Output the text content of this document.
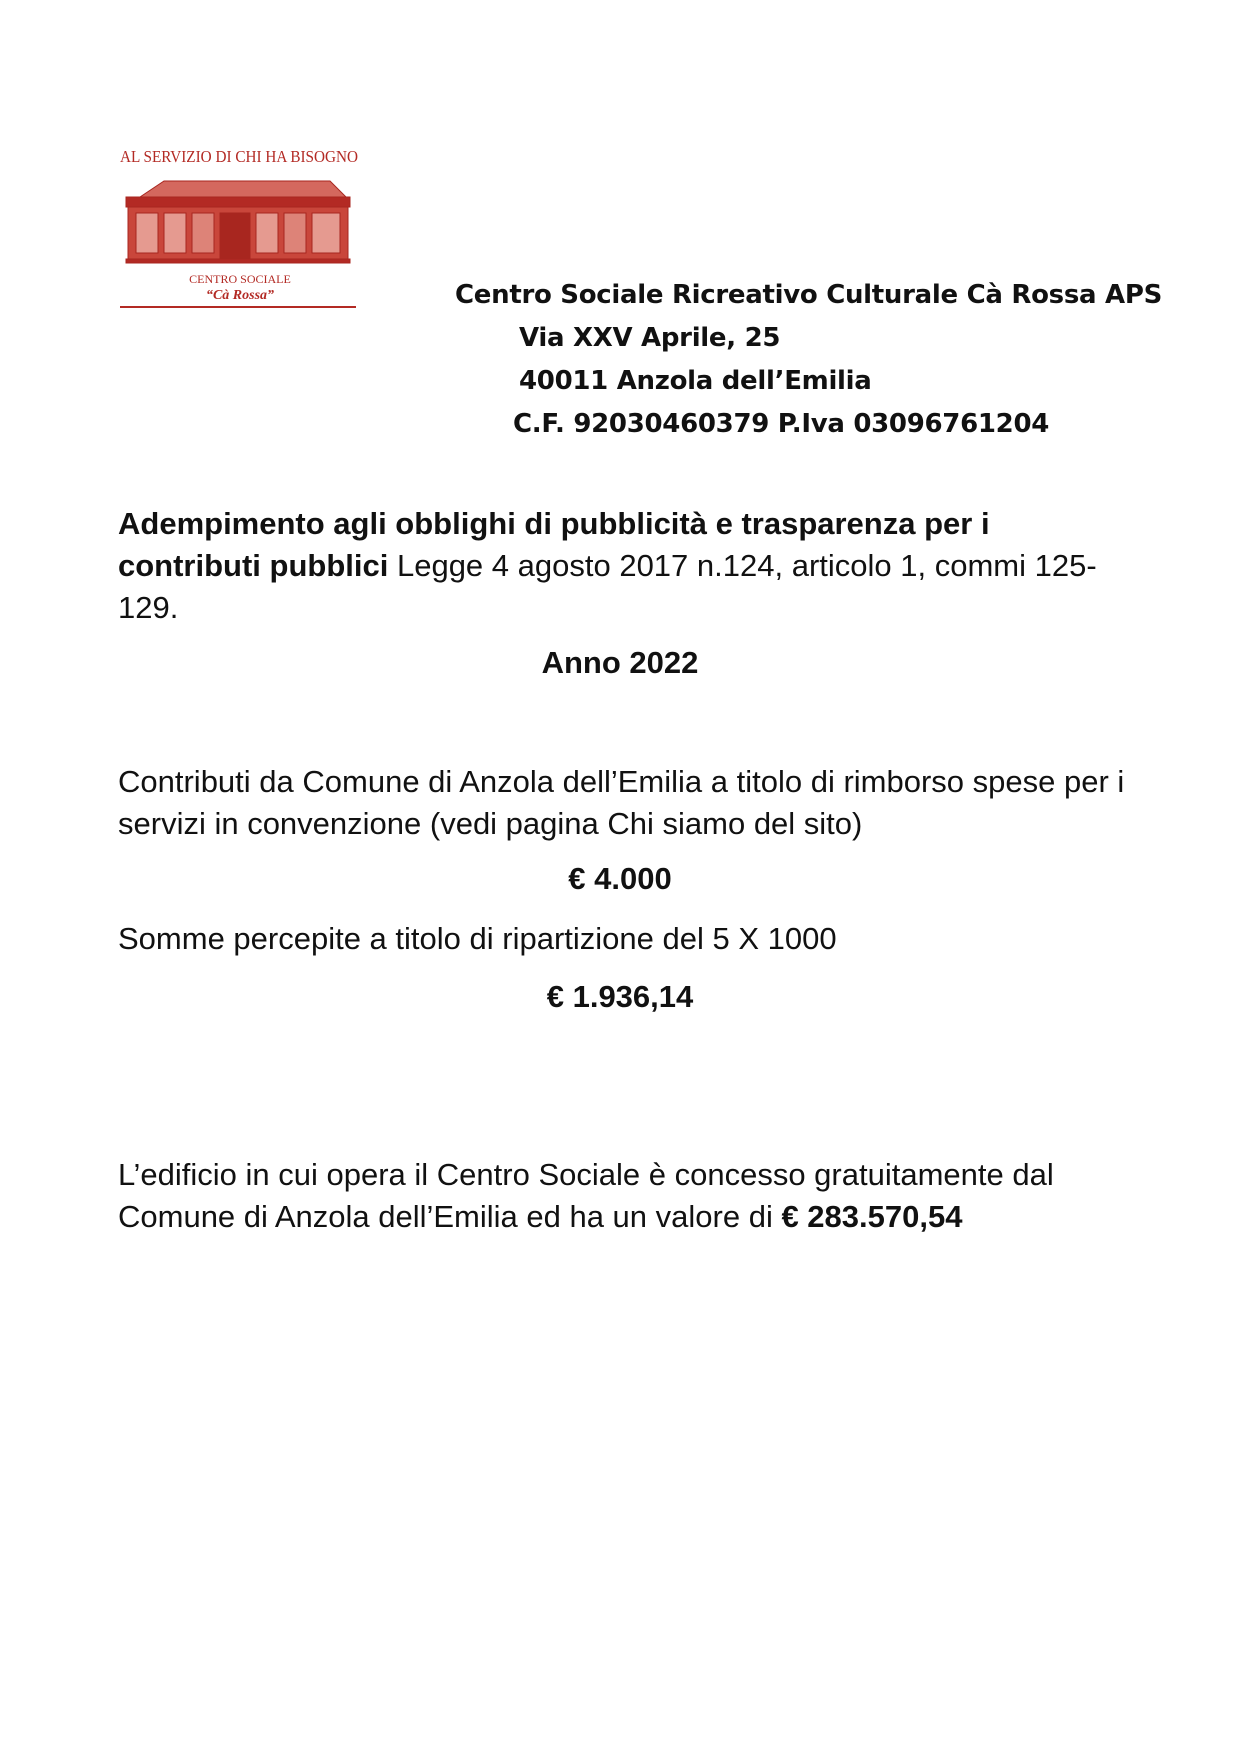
AL SERVIZIO DI CHI HA BISOGNO
CENTRO SOCIALE
“Cà Rossa”	Centro Sociale Ricreativo Culturale Cà Rossa APS
Via XXV Aprile, 25
40011 Anzola dell’Emilia
C.F. 92030460379 P.Iva 03096761204
Adempimento agli obblighi di pubblicità e trasparenza per i contributi pubblici Legge 4 agosto 2017 n.124, articolo 1, commi 125-129.
Anno 2022
Contributi da Comune di Anzola dell’Emilia a titolo di rimborso spese per i servizi in convenzione (vedi pagina Chi siamo del sito)
€ 4.000
Somme percepite a titolo di ripartizione del 5 X 1000
€ 1.936,14
L’edificio in cui opera il Centro Sociale è concesso gratuitamente dal Comune di Anzola dell’Emilia ed ha un valore di € 283.570,54
